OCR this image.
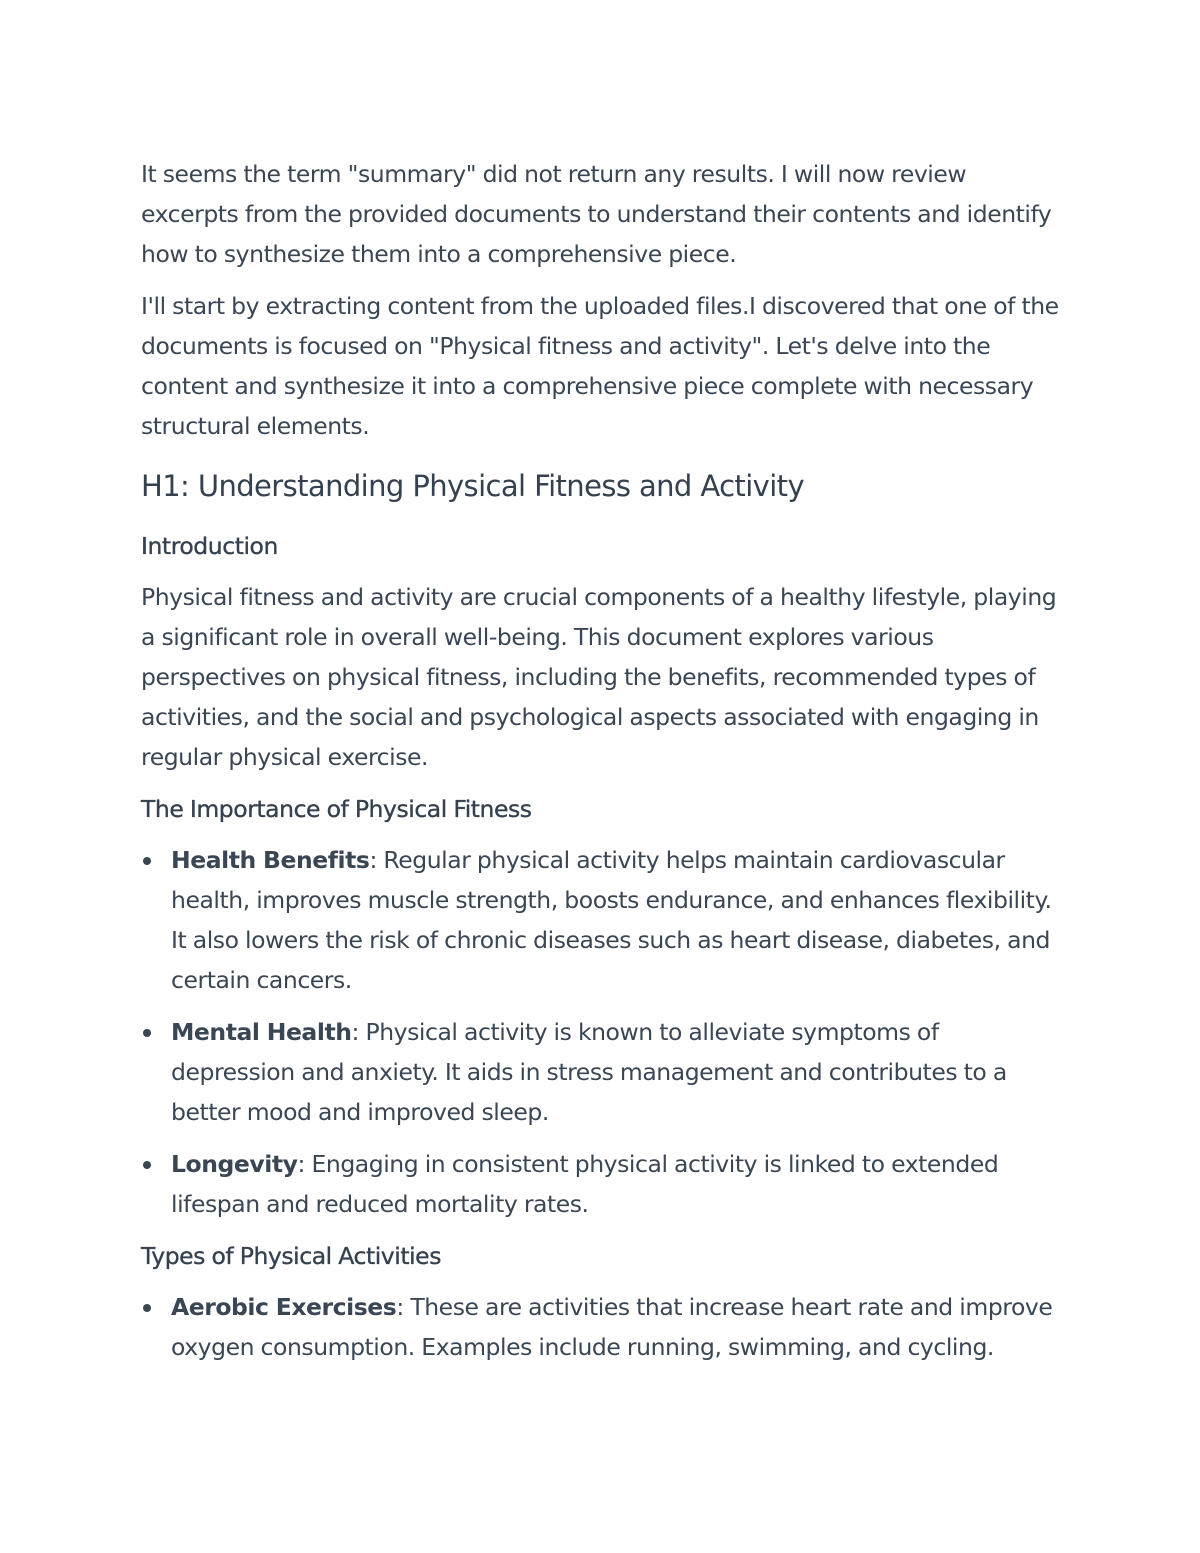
It seems the term "summary" did not return any results. I will now review excerpts from the provided documents to understand their contents and identify how to synthesize them into a comprehensive piece.

I'll start by extracting content from the uploaded files.I discovered that one of the documents is focused on "Physical fitness and activity". Let's delve into the content and synthesize it into a comprehensive piece complete with necessary structural elements.

H1: Understanding Physical Fitness and Activity
Introduction

Physical fitness and activity are crucial components of a healthy lifestyle, playing a significant role in overall well-being. This document explores various perspectives on physical fitness, including the benefits, recommended types of activities, and the social and psychological aspects associated with engaging in regular physical exercise.

The Importance of Physical Fitness
Health Benefits: Regular physical activity helps maintain cardiovascular health, improves muscle strength, boosts endurance, and enhances flexibility. It also lowers the risk of chronic diseases such as heart disease, diabetes, and certain cancers.
Mental Health: Physical activity is known to alleviate symptoms of depression and anxiety. It aids in stress management and contributes to a better mood and improved sleep.
Longevity: Engaging in consistent physical activity is linked to extended lifespan and reduced mortality rates.
Types of Physical Activities
Aerobic Exercises: These are activities that increase heart rate and improve oxygen consumption. Examples include running, swimming, and cycling.
